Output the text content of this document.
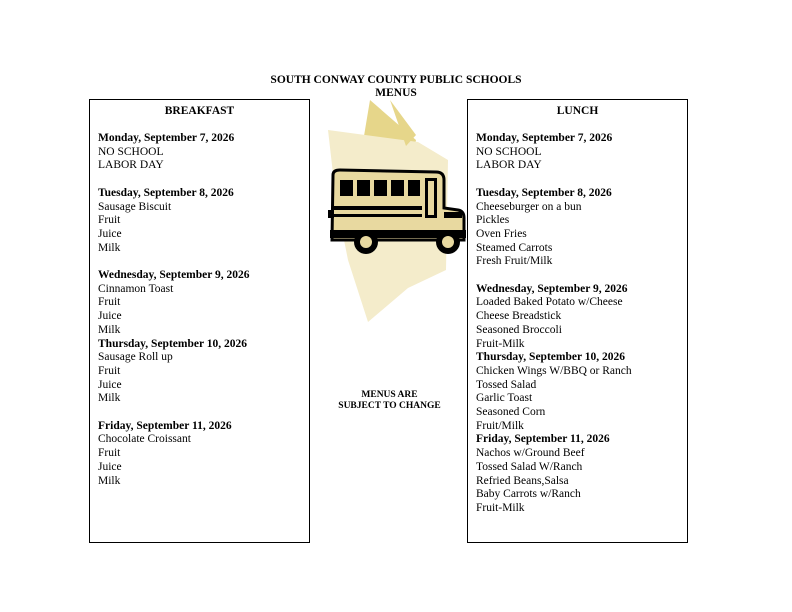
SOUTH CONWAY COUNTY PUBLIC SCHOOLS
MENUS
BREAKFAST
Monday, September 7, 2026
NO SCHOOL
LABOR DAY
Tuesday, September 8, 2026
Sausage Biscuit
Fruit
Juice
Milk
Wednesday, September 9, 2026
Cinnamon Toast
Fruit
Juice
Milk
Thursday, September 10, 2026
Sausage Roll up
Fruit
Juice
Milk
Friday, September 11, 2026
Chocolate Croissant
Fruit
Juice
Milk
MENUS ARE
SUBJECT TO CHANGE
LUNCH
Monday, September 7, 2026
NO SCHOOL
LABOR DAY
Tuesday, September 8, 2026
Cheeseburger on a bun
Pickles
Oven Fries
Steamed Carrots
Fresh Fruit/Milk
Wednesday, September 9, 2026
Loaded Baked Potato w/Cheese
Cheese Breadstick
Seasoned Broccoli
Fruit-Milk
Thursday, September 10, 2026
Chicken Wings W/BBQ or Ranch
Tossed Salad
Garlic Toast
Seasoned Corn
Fruit/Milk
Friday, September 11, 2026
Nachos w/Ground Beef
Tossed Salad W/Ranch
Refried Beans,Salsa
Baby Carrots w/Ranch
Fruit-Milk
